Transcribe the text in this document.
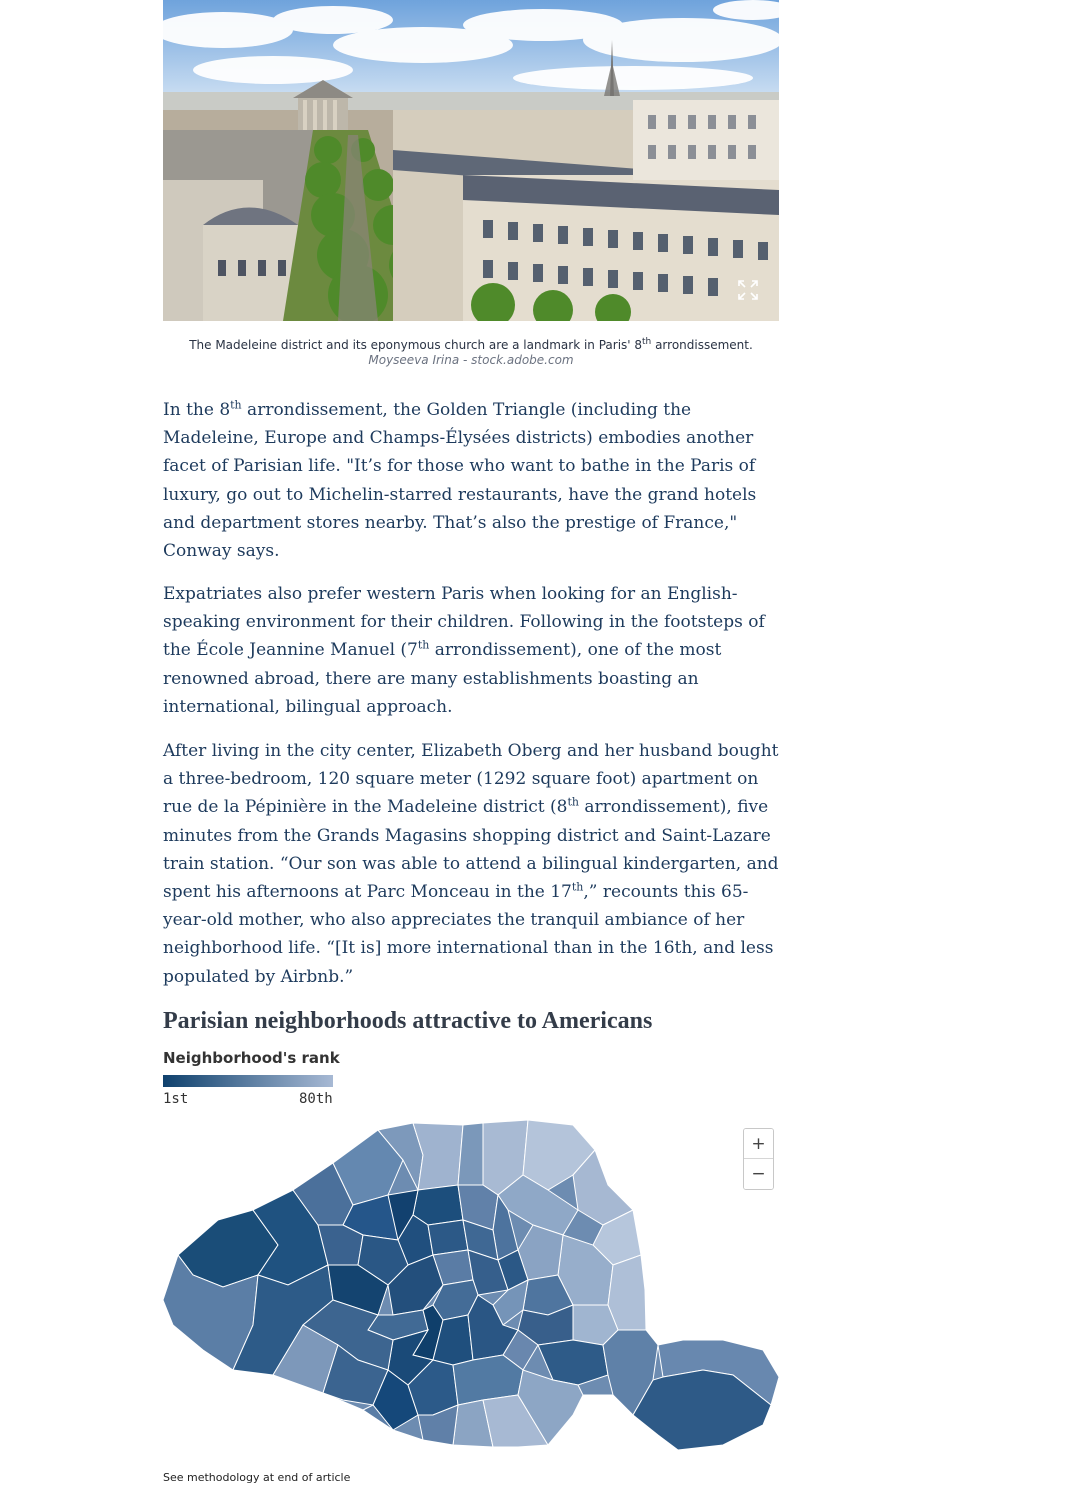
The Madeleine district and its eponymous church are a landmark in Paris' 8th arrondissement.
Moyseeva Irina - stock.adobe.com

In the 8th arrondissement, the Golden Triangle (including the Madeleine, Europe and Champs-Élysées districts) embodies another facet of Parisian life. "It’s for those who want to bathe in the Paris of luxury, go out to Michelin-starred restaurants, have the grand hotels and department stores nearby. That’s also the prestige of France," Conway says.

Expatriates also prefer western Paris when looking for an English-speaking environment for their children. Following in the footsteps of the École Jeannine Manuel (7th arrondissement), one of the most renowned abroad, there are many establishments boasting an international, bilingual approach.

After living in the city center, Elizabeth Oberg and her husband bought a three-bedroom, 120 square meter (1292 square foot) apartment on rue de la Pépinière in the Madeleine district (8th arrondissement), five minutes from the Grands Magasins shopping district and Saint-Lazare train station. “Our son was able to attend a bilingual kindergarten, and spent his afternoons at Parc Monceau in the 17th,” recounts this 65-year-old mother, who also appreciates the tranquil ambiance of her neighborhood life. “[It is] more international than in the 16th, and less populated by Airbnb.”

Parisian neighborhoods attractive to Americans
Neighborhood's rank
1st	80th
+
−
See methodology at end of article
